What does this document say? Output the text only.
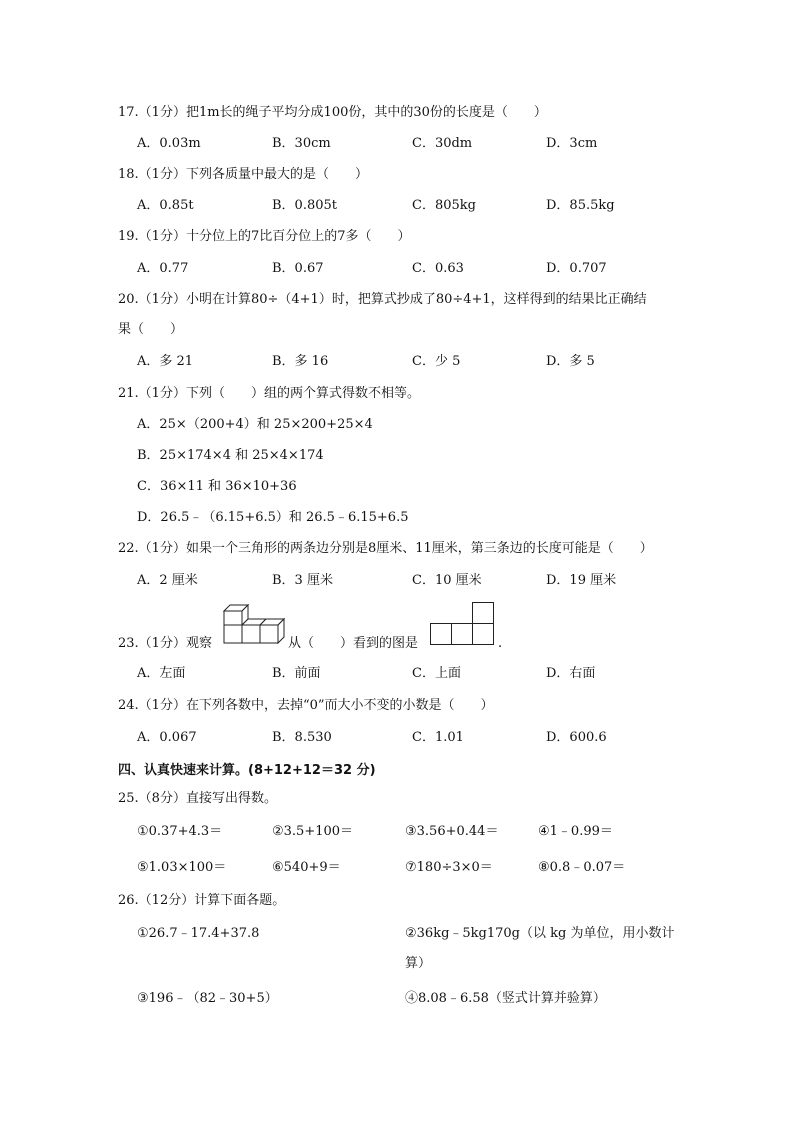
17.（1分）把1m长的绳子平均分成100份，其中的30份的长度是（　　）
A．0.03m	B．30cm	C．30dm	D．3cm
18.（1分）下列各质量中最大的是（　　）
A．0.85t	B．0.805t	C．805kg	D．85.5kg
19.（1分）十分位上的7比百分位上的7多（　　）
A．0.77	B．0.67	C．0.63	D．0.707
20.（1分）小明在计算80÷（4+1）时，把算式抄成了80÷4+1，这样得到的结果比正确结
果（　　）
A．多 21	B．多 16	C．少 5	D．多 5
21.（1分）下列（　　）组的两个算式得数不相等。
A．25×（200+4）和 25×200+25×4
B．25×174×4 和 25×4×174
C．36×11 和 36×10+36
D．26.5﹣（6.15+6.5）和 26.5﹣6.15+6.5
22.（1分）如果一个三角形的两条边分别是8厘米、11厘米，第三条边的长度可能是（　　）
A．2 厘米	B．3 厘米	C．10 厘米	D．19 厘米
23.（1分）观察	从（　　）看到的图是	.
A．左面	B．前面	C．上面	D．右面
24.（1分）在下列各数中，去掉“0”而大小不变的小数是（　　）
A．0.067	B．8.530	C．1.01	D．600.6
四、认真快速来计算。(8+12+12＝32 分)
25.（8分）直接写出得数。
①0.37+4.3＝	②3.5+100＝	③3.56+0.44＝	④1﹣0.99＝
⑤1.03×100＝	⑥540+9＝	⑦180÷3×0＝	⑧0.8﹣0.07＝
26.（12分）计算下面各题。
①26.7﹣17.4+37.8	②36kg﹣5kg170g（以 kg 为单位，用小数计
算）
③196﹣（82﹣30+5）	④8.08﹣6.58（竖式计算并验算）
